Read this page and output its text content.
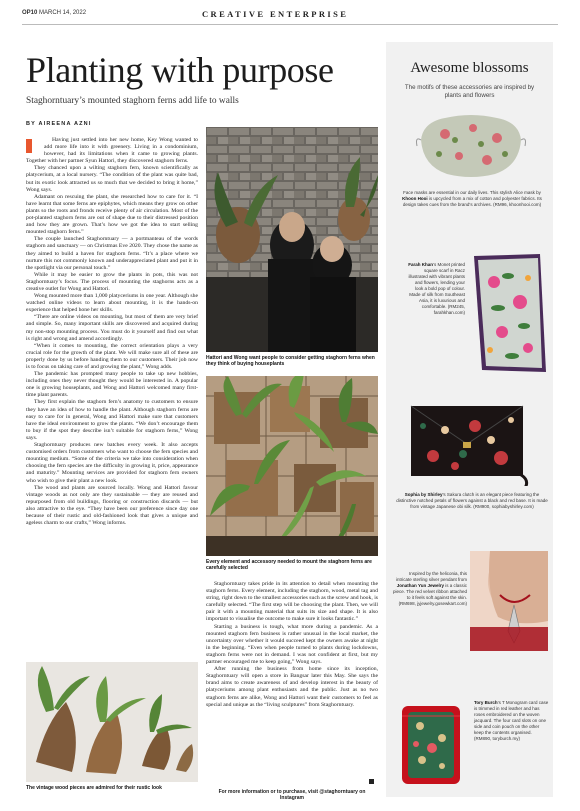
OP10 MARCH 14, 2022	CREATIVE ENTERPRISE
Planting with purpose
Staghorntuary’s mounted staghorn ferns add life to walls
BY AIREENA AZNI

Having just settled into her new home, Key Wong wanted to add more life into it with greenery. Living in a condominium, however, had its limitations when it came to growing plants. Together with her partner Syun Hattori, they discovered staghorn ferns.

They chanced upon a wilting staghorn fern, known scientifically as platycerium, at a local nursery. “The condition of the plant was quite bad, but its exotic look attracted us so much that we decided to bring it home,” Wong says.

Adamant on rescuing the plant, she researched how to care for it. “I have learnt that some ferns are epiphytes, which means they grow on other plants so the roots and fronds receive plenty of air circulation. Most of the pot-planted staghorn ferns are out of shape due to their distressed position and how they are grown. That’s how we got the idea to start selling mounted staghorn ferns.”

The couple launched Staghorntuary — a portmanteau of the words staghorn and sanctuary — on Christmas Eve 2020. They chose the name as they aimed to build a haven for staghorn ferns. “It’s a place where we nurture this not commonly known and underappreciated plant and put it in the spotlight via our personal touch.”

While it may be easier to grow the plants in pots, this was not Staghorntuary’s focus. The process of mounting the staghorns acts as a creative outlet for Wong and Hattori.

Wong mounted more than 1,000 platyceriums in one year. Although she watched online videos to learn about mounting, it is the hands-on experience that helped hone her skills.

“There are online videos on mounting, but most of them are very brief and simple. So, many important skills are discovered and acquired during my non-stop mounting process. You must do it yourself and find out what is right and wrong and amend accordingly.

“When it comes to mounting, the correct orientation plays a very crucial role for the growth of the plant. We will make sure all of these are properly done by us before handing them to our customers. Their job now is to focus on taking care of and growing the plant,” Wong adds.

The pandemic has prompted many people to take up new hobbies, including ones they never thought they would be interested in. A popular one is growing houseplants, and Wong and Hattori welcomed many first-time plant parents.

They first explain the staghorn fern’s anatomy to customers to ensure they have an idea of how to handle the plant. Although staghorn ferns are easy to care for in general, Wong and Hattori make sure that customers have the ideal environment to grow the plants. “We don’t encourage them to buy if the spot they describe isn’t suitable for staghorn ferns,” Wong says.

Staghorntuary produces new batches every week. It also accepts customised orders from customers who want to choose the fern species and mounting medium. “Some of the criteria we take into consideration when choosing the fern species are the difficulty in growing it, price, appearance and maturity.” Mounting services are provided for staghorn fern owners who wish to give their plant a new look.

The wood and plants are sourced locally. Wong and Hattori favour vintage woods as not only are they sustainable — they are reused and repurposed from old buildings, flooring or construction discards — but also attractive to the eye. “They have been our preference since day one because of their rustic and old-fashioned look that gives a unique and ageless charm to our crafts,” Wong informs.

Hattori and Wong want people to consider getting staghorn ferns when they think of buying houseplants
Every element and accessory needed to mount the staghorn ferns are carefully selected

Staghorntuary takes pride in its attention to detail when mounting the staghorn ferns. Every element, including the staghorn, wood, metal tag and string, right down to the smallest accessories such as the screw and hook, is carefully selected. “The first step will be choosing the plant. Then, we will pair it with a mounting material that suits its size and shape. It is also important to visualise the outcome to make sure it looks fantastic.”

Starting a business is tough, what more during a pandemic. As a mounted staghorn fern business is rather unusual in the local market, the uncertainty over whether it would succeed kept the owners awake at night in the beginning. “Even when people turned to plants during lockdowns, staghorn ferns were not in demand. I was not confident at first, but my partner encouraged me to keep going,” Wong says.

After running the business from home since its inception, Staghorntuary will open a store in Bangsar later this May. She says the brand aims to create awareness of and develop interest in the beauty of platyceriums among plant enthusiasts and the public. Just as no two staghorn ferns are alike, Wong and Hattori want their customers to feel as special and unique as the “living sculptures” from Staghorntuary.

For more information or to purchase, visit @staghorntuary on Instagram
The vintage wood pieces are admired for their rustic look
Awesome blossoms
The motifs of these accessories are inspired by plants and flowers
Face masks are essential in our daily lives. This stylish Alice mask by Khoon Hooi is upcycled from a mix of cotton and polyester fabrics. Its design takes cues from the brand’s archives. (RM96, khoonhooi.com)
Farah Khan’s Monet printed square scarf in Racz illustrated with vibrant plants and flowers, lending your look a bold pop of colour. Made of silk from Southeast Asia, it is luxurious and comfortable. (RM245, farahkhan.com)
Sophia by Shirley’s Sakura clutch is an elegant piece featuring the distinctive notched petals of flowers against a black and red base. It is made from vintage Japanese obi silk. (RM900, sophiabyshirley.com)
Inspired by the heliconia, this intricate sterling silver pendant from Jonathan Yun Jewelry is a classic piece. The red velvet ribbon attached to it feels soft against the skin. (RM698, jyjewelry.gosewkart.com)
Tory Burch’s T Monogram card case is trimmed in red leather and has roses embroidered on the woven jacquard. The four card slots on one side and coin pouch on the other keep the contents organised. (RM890, toryburch.my)
